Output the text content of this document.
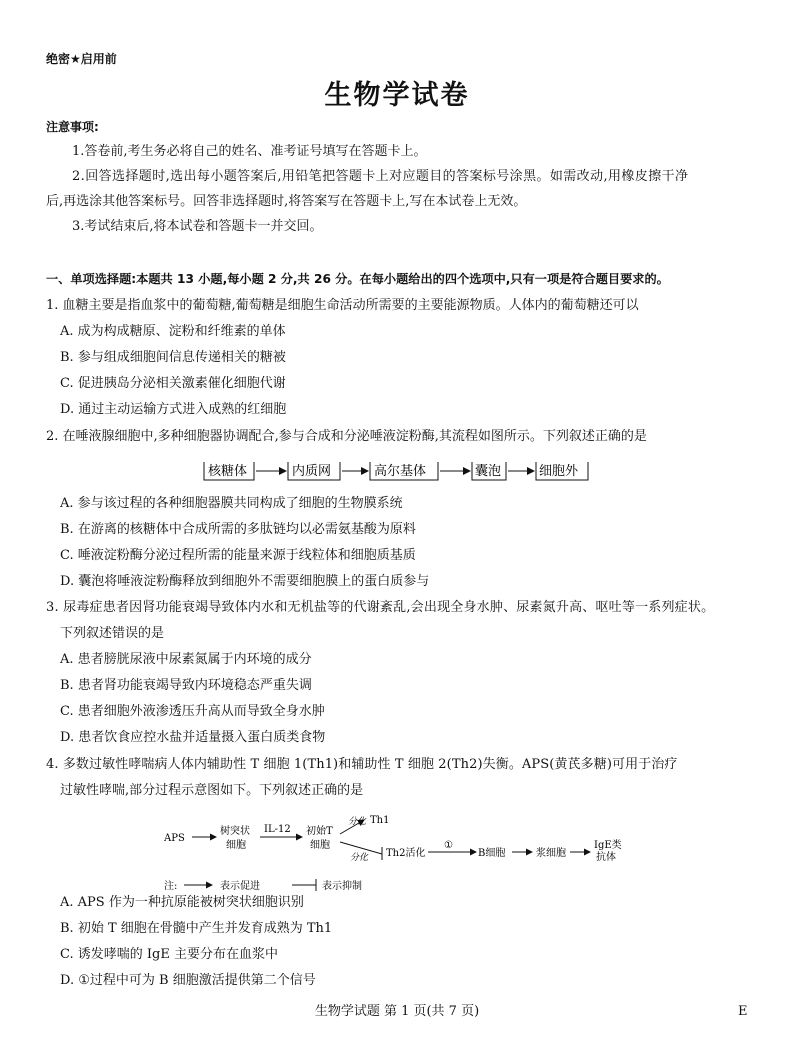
绝密★启用前
生物学试卷
注意事项:
1.答卷前,考生务必将自己的姓名、准考证号填写在答题卡上。
2.回答选择题时,选出每小题答案后,用铅笔把答题卡上对应题目的答案标号涂黑。如需改动,用橡皮擦干净
后,再选涂其他答案标号。回答非选择题时,将答案写在答题卡上,写在本试卷上无效。
3.考试结束后,将本试卷和答题卡一并交回。
一、单项选择题:本题共 13 小题,每小题 2 分,共 26 分。在每小题给出的四个选项中,只有一项是符合题目要求的。
1. 血糖主要是指血浆中的葡萄糖,葡萄糖是细胞生命活动所需要的主要能源物质。人体内的葡萄糖还可以
A. 成为构成糖原、淀粉和纤维素的单体
B. 参与组成细胞间信息传递相关的糖被
C. 促进胰岛分泌相关激素催化细胞代谢
D. 通过主动运输方式进入成熟的红细胞
2. 在唾液腺细胞中,多种细胞器协调配合,参与合成和分泌唾液淀粉酶,其流程如图所示。下列叙述正确的是
核糖体	内质网	高尔基体	囊泡	细胞外
A. 参与该过程的各种细胞器膜共同构成了细胞的生物膜系统
B. 在游离的核糖体中合成所需的多肽链均以必需氨基酸为原料
C. 唾液淀粉酶分泌过程所需的能量来源于线粒体和细胞质基质
D. 囊泡将唾液淀粉酶释放到细胞外不需要细胞膜上的蛋白质参与
3. 尿毒症患者因肾功能衰竭导致体内水和无机盐等的代谢紊乱,会出现全身水肿、尿素氮升高、呕吐等一系列症状。
下列叙述错误的是
A. 患者膀胱尿液中尿素氮属于内环境的成分
B. 患者肾功能衰竭导致内环境稳态严重失调
C. 患者细胞外液渗透压升高从而导致全身水肿
D. 患者饮食应控水盐并适量摄入蛋白质类食物
4. 多数过敏性哮喘病人体内辅助性 T 细胞 1(Th1)和辅助性 T 细胞 2(Th2)失衡。APS(黄芪多糖)可用于治疗
过敏性哮喘,部分过程示意图如下。下列叙述正确的是
APS
树突状
细胞
IL-12 初始T
细胞
分化
分化
Th1
Th2活化
①
B细胞	浆细胞
IgE类
抗体
注:	表示促进	表示抑制
A. APS 作为一种抗原能被树突状细胞识别
B. 初始 T 细胞在骨髓中产生并发育成熟为 Th1
C. 诱发哮喘的 IgE 主要分布在血浆中
D. ①过程中可为 B 细胞激活提供第二个信号
生物学试题 第 1 页(共 7 页)	E
